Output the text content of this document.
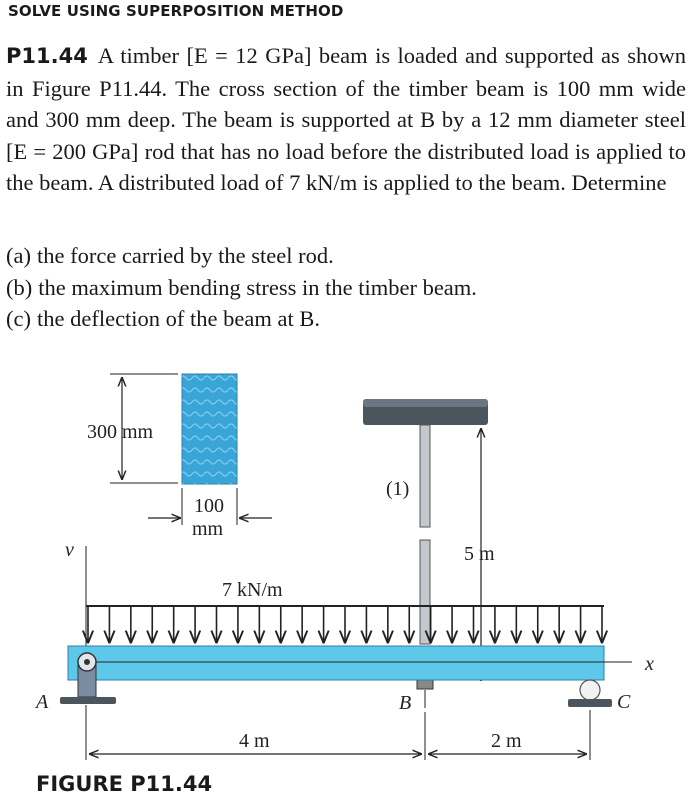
SOLVE USING SUPERPOSITION METHOD
P11.44 A timber [E = 12 GPa] beam is loaded and supported as shown in Figure P11.44. The cross section of the timber beam is 100 mm wide and 300 mm deep. The beam is supported at B by a 12 mm diameter steel [E = 200 GPa] rod that has no load before the distributed load is applied to the beam. A distributed load of 7 kN/m is applied to the beam. Determine
(a) the force carried by the steel rod.
(b) the maximum bending stress in the timber beam.
(c) the deflection of the beam at B.
300 mm
100
mm
(1)
5 m
v
7 kN/m
x
A	C
B
4 m	2 m
FIGURE P11.44
